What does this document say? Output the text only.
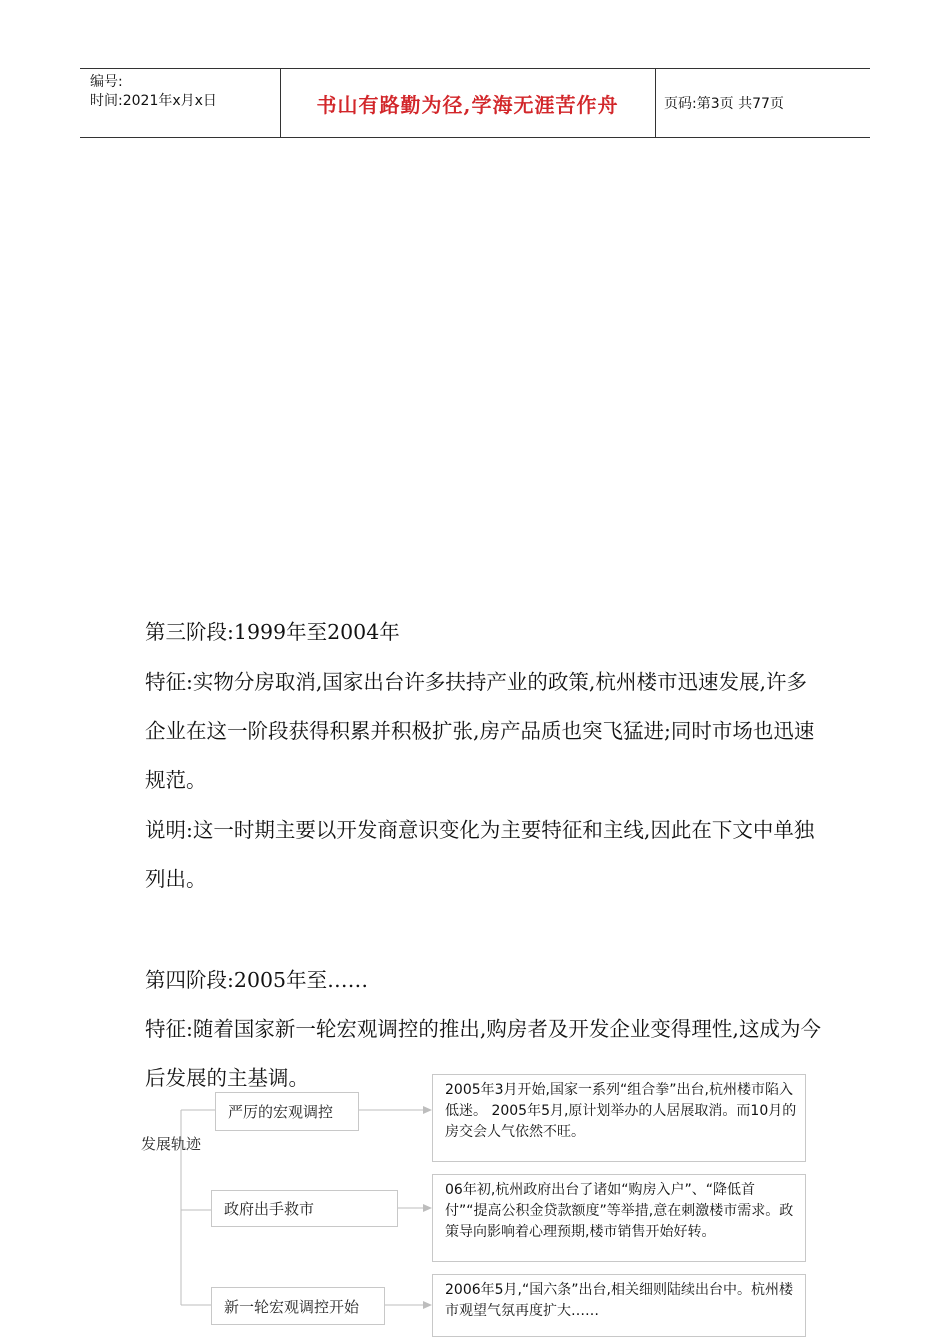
编号:
时间:2021年x月x日	书山有路勤为径,学海无涯苦作舟	页码:第3页 共77页
第三阶段:1999年至2004年
特征:实物分房取消,国家出台许多扶持产业的政策,杭州楼市迅速发展,许多企业在这一阶段获得积累并积极扩张,房产品质也突飞猛进;同时市场也迅速规范。
说明:这一时期主要以开发商意识变化为主要特征和主线,因此在下文中单独列出。
第四阶段:2005年至……
特征:随着国家新一轮宏观调控的推出,购房者及开发企业变得理性,这成为今后发展的主基调。
发展轨迹
严厉的宏观调控
政府出手救市
新一轮宏观调控开始
2005年3月开始,国家一系列“组合拳”出台,杭州楼市陷入低迷。 2005年5月,原计划举办的人居展取消。而10月的房交会人气依然不旺。
06年初,杭州政府出台了诸如“购房入户”、“降低首付”“提高公积金贷款额度”等举措,意在刺激楼市需求。政策导向影响着心理预期,楼市销售开始好转。
2006年5月,“国六条”出台,相关细则陆续出台中。杭州楼市观望气氛再度扩大……
